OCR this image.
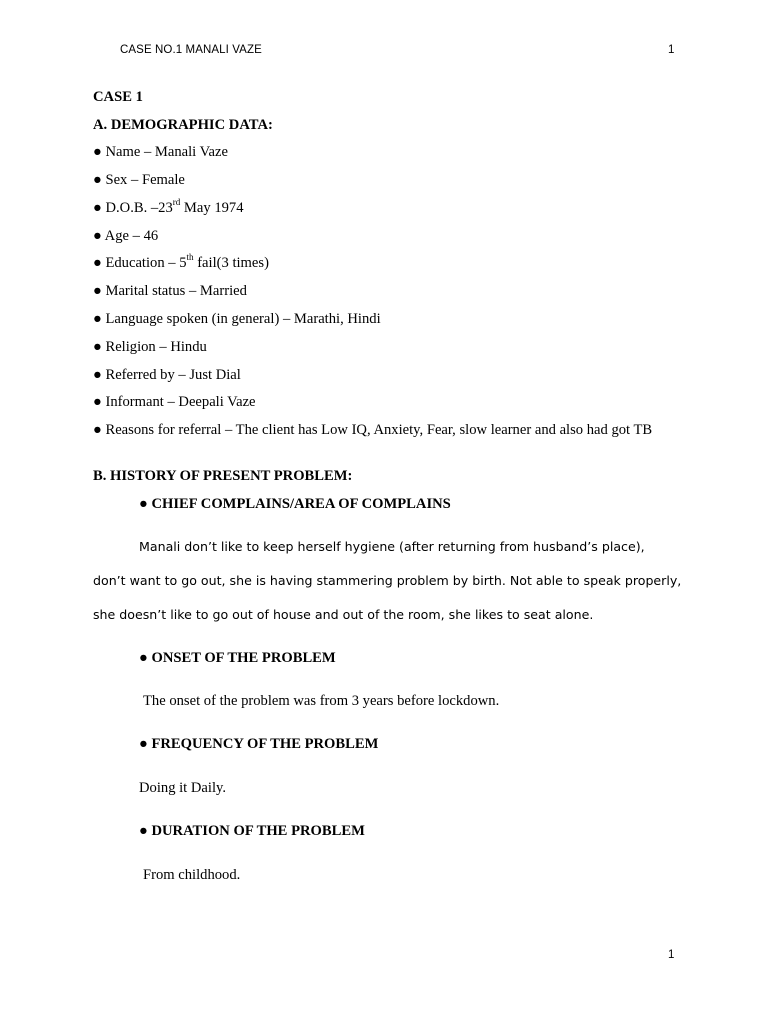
CASE NO.1 MANALI VAZE	1
CASE 1
A. DEMOGRAPHIC DATA:
● Name – Manali Vaze
● Sex – Female
● D.O.B. –23rd May 1974
● Age – 46
● Education – 5th fail(3 times)
● Marital status – Married
● Language spoken (in general) – Marathi, Hindi
● Religion – Hindu
● Referred by – Just Dial
● Informant – Deepali Vaze
● Reasons for referral – The client has Low IQ, Anxiety, Fear, slow learner and also had got TB
B. HISTORY OF PRESENT PROBLEM:
● CHIEF COMPLAINS/AREA OF COMPLAINS
Manali don’t like to keep herself hygiene (after returning from husband’s place),
don’t want to go out, she is having stammering problem by birth. Not able to speak properly,
she doesn’t like to go out of house and out of the room, she likes to seat alone.
● ONSET OF THE PROBLEM
The onset of the problem was from 3 years before lockdown.
● FREQUENCY OF THE PROBLEM
Doing it Daily.
● DURATION OF THE PROBLEM
From childhood.
1
